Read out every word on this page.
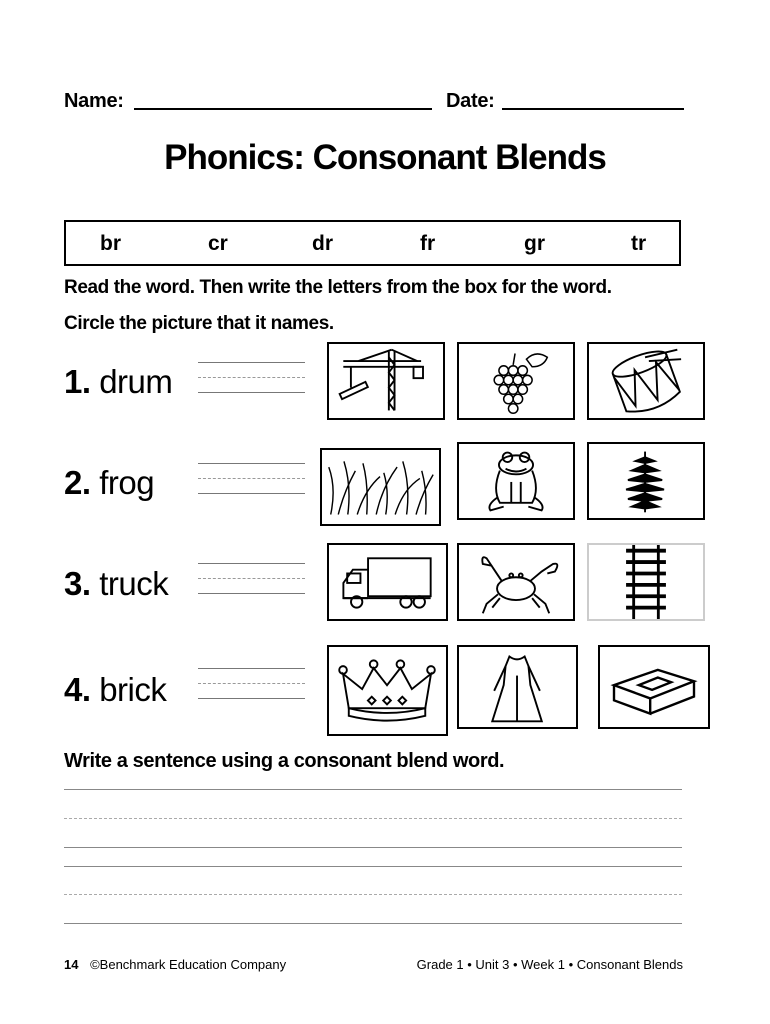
Name:	Date:
Phonics: Consonant Blends
br	cr	dr	fr	gr	tr
Read the word. Then write the letters from the box for the word.
Circle the picture that it names.
1. drum
2. frog
3. truck
4. brick
Write a sentence using a consonant blend word.
14 ©Benchmark Education Company	Grade 1 • Unit 3 • Week 1 • Consonant Blends
